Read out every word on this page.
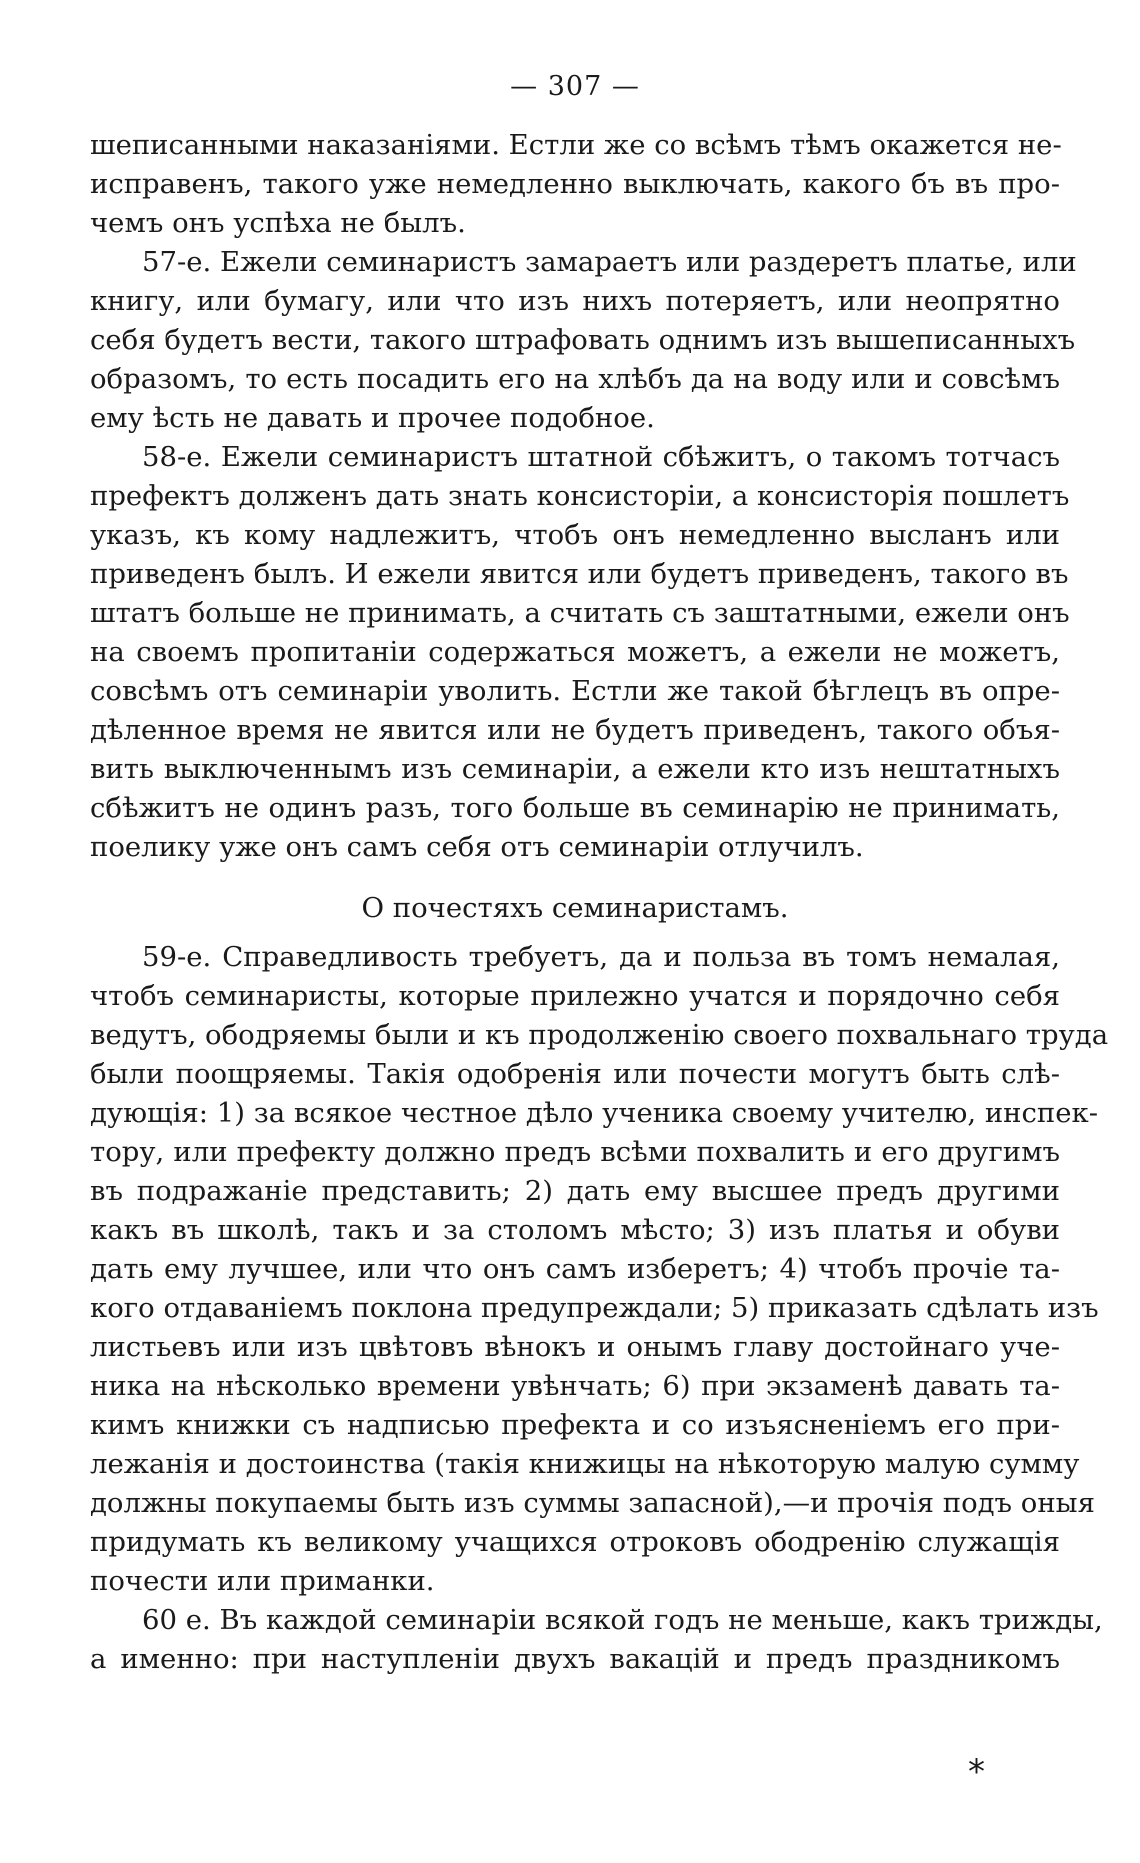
— 307 —
шеписанными наказаніями. Естли же со всѣмъ тѣмъ окажется не-
исправенъ, такого уже немедленно выключать, какого бъ въ про-
чемъ онъ успѣха не былъ.
57-е. Ежели семинаристъ замараетъ или раздеретъ платье, или
книгу, или бумагу, или что изъ нихъ потеряетъ, или неопрятно
себя будетъ вести, такого штрафовать однимъ изъ вышеписанныхъ
образомъ, то есть посадить его на хлѣбъ да на воду или и совсѣмъ
ему ѣсть не давать и прочее подобное.
58-е. Ежели семинаристъ штатной сбѣжитъ, о такомъ тотчасъ
префектъ долженъ дать знать консисторіи, а консисторія пошлетъ
указъ, къ кому надлежитъ, чтобъ онъ немедленно высланъ или
приведенъ былъ. И ежели явится или будетъ приведенъ, такого въ
штатъ больше не принимать, а считать съ заштатными, ежели онъ
на своемъ пропитаніи содержаться можетъ, а ежели не можетъ,
совсѣмъ отъ семинаріи уволить. Естли же такой бѣглецъ въ опре-
дѣленное время не явится или не будетъ приведенъ, такого объя-
вить выключеннымъ изъ семинаріи, а ежели кто изъ нештатныхъ
сбѣжитъ не одинъ разъ, того больше въ семинарію не принимать,
поелику уже онъ самъ себя отъ семинаріи отлучилъ.
О почестяхъ семинаристамъ.
59-е. Справедливость требуетъ, да и польза въ томъ немалая,
чтобъ семинаристы, которые прилежно учатся и порядочно себя
ведутъ, ободряемы были и къ продолженію своего похвальнаго труда
были поощряемы. Такія одобренія или почести могутъ быть слѣ-
дующія: 1) за всякое честное дѣло ученика своему учителю, инспек-
тору, или префекту должно предъ всѣми похвалить и его другимъ
въ подражаніе представить; 2) дать ему высшее предъ другими
какъ въ школѣ, такъ и за столомъ мѣсто; 3) изъ платья и обуви
дать ему лучшее, или что онъ самъ изберетъ; 4) чтобъ прочіе та-
кого отдаваніемъ поклона предупреждали; 5) приказать сдѣлать изъ
листьевъ или изъ цвѣтовъ вѣнокъ и онымъ главу достойнаго уче-
ника на нѣсколько времени увѣнчать; 6) при экзаменѣ давать та-
кимъ книжки съ надписью префекта и со изъясненіемъ его при-
лежанія и достоинства (такія книжицы на нѣкоторую малую сумму
должны покупаемы быть изъ суммы запасной),—и прочія подъ оныя
придумать къ великому учащихся отроковъ ободренію служащія
почести или приманки.
60 е. Въ каждой семинаріи всякой годъ не меньше, какъ трижды,
а именно: при наступленіи двухъ вакацій и предъ праздникомъ
*
